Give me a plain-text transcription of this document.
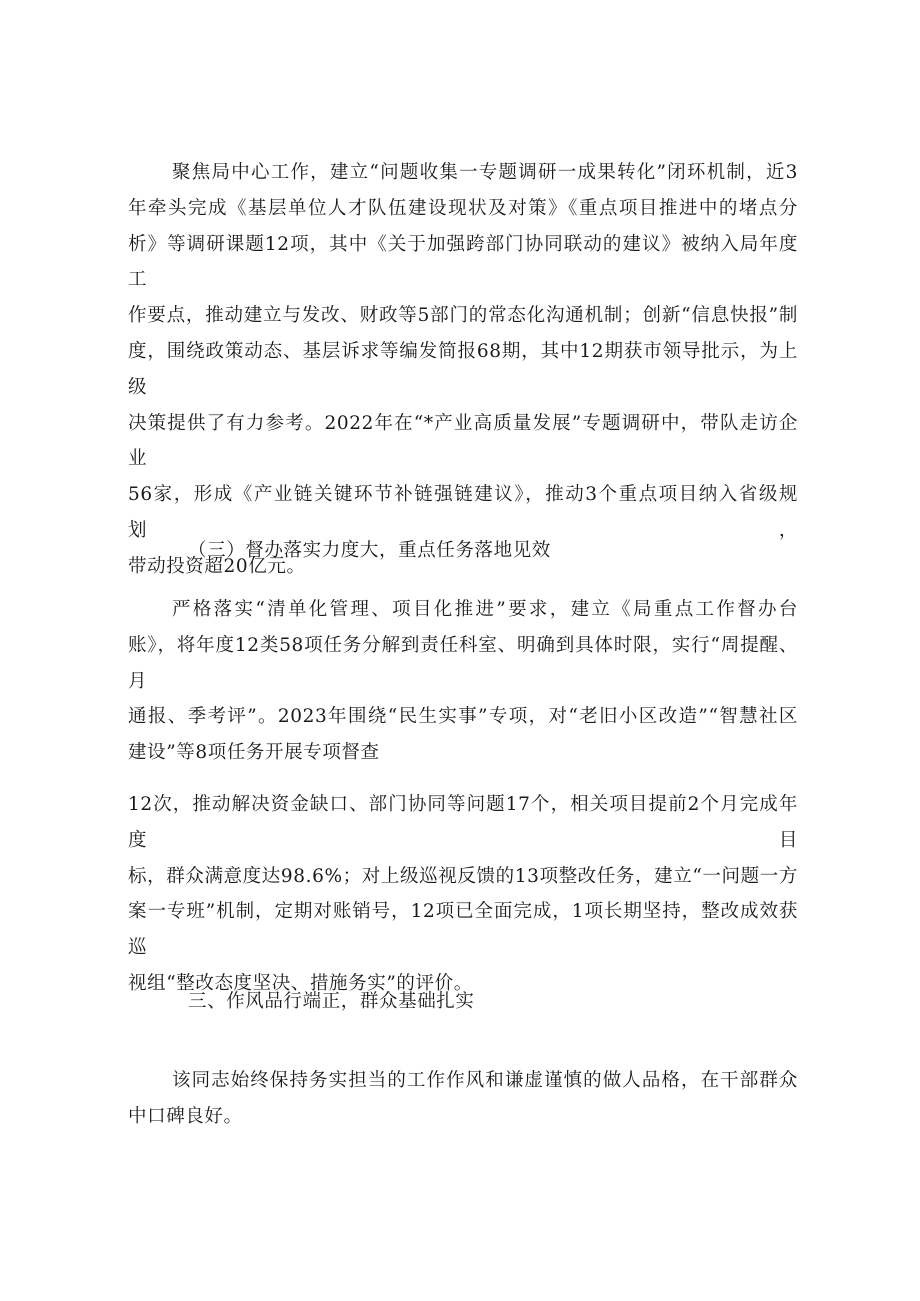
聚焦局中心工作，建立“问题收集一专题调研一成果转化”闭环机制，近3
年牵头完成《基层单位人才队伍建设现状及对策》《重点项目推进中的堵点分
析》等调研课题12项，其中《关于加强跨部门协同联动的建议》被纳入局年度工
作要点，推动建立与发改、财政等5部门的常态化沟通机制；创新“信息快报”制
度，围绕政策动态、基层诉求等编发简报68期，其中12期获市领导批示，为上级
决策提供了有力参考。2022年在“*产业高质量发展”专题调研中，带队走访企业
56家，形成《产业链关键环节补链强链建议》，推动3个重点项目纳入省级规划，
带动投资超20亿元。

（三）督办落实力度大，重点任务落地见效

严格落实“清单化管理、项目化推进”要求，建立《局重点工作督办台
账》，将年度12类58项任务分解到责任科室、明确到具体时限，实行“周提醒、月
通报、季考评”。2023年围绕“民生实事”专项，对“老旧小区改造”“智慧社区
建设”等8项任务开展专项督查

12次，推动解决资金缺口、部门协同等问题17个，相关项目提前2个月完成年度目
标，群众满意度达98.6%；对上级巡视反馈的13项整改任务，建立“一问题一方
案一专班”机制，定期对账销号，12项已全面完成，1项长期坚持，整改成效获巡
视组“整改态度坚决、措施务实”的评价。

三、作风品行端正，群众基础扎实

该同志始终保持务实担当的工作作风和谦虚谨慎的做人品格，在干部群众
中口碑良好。
